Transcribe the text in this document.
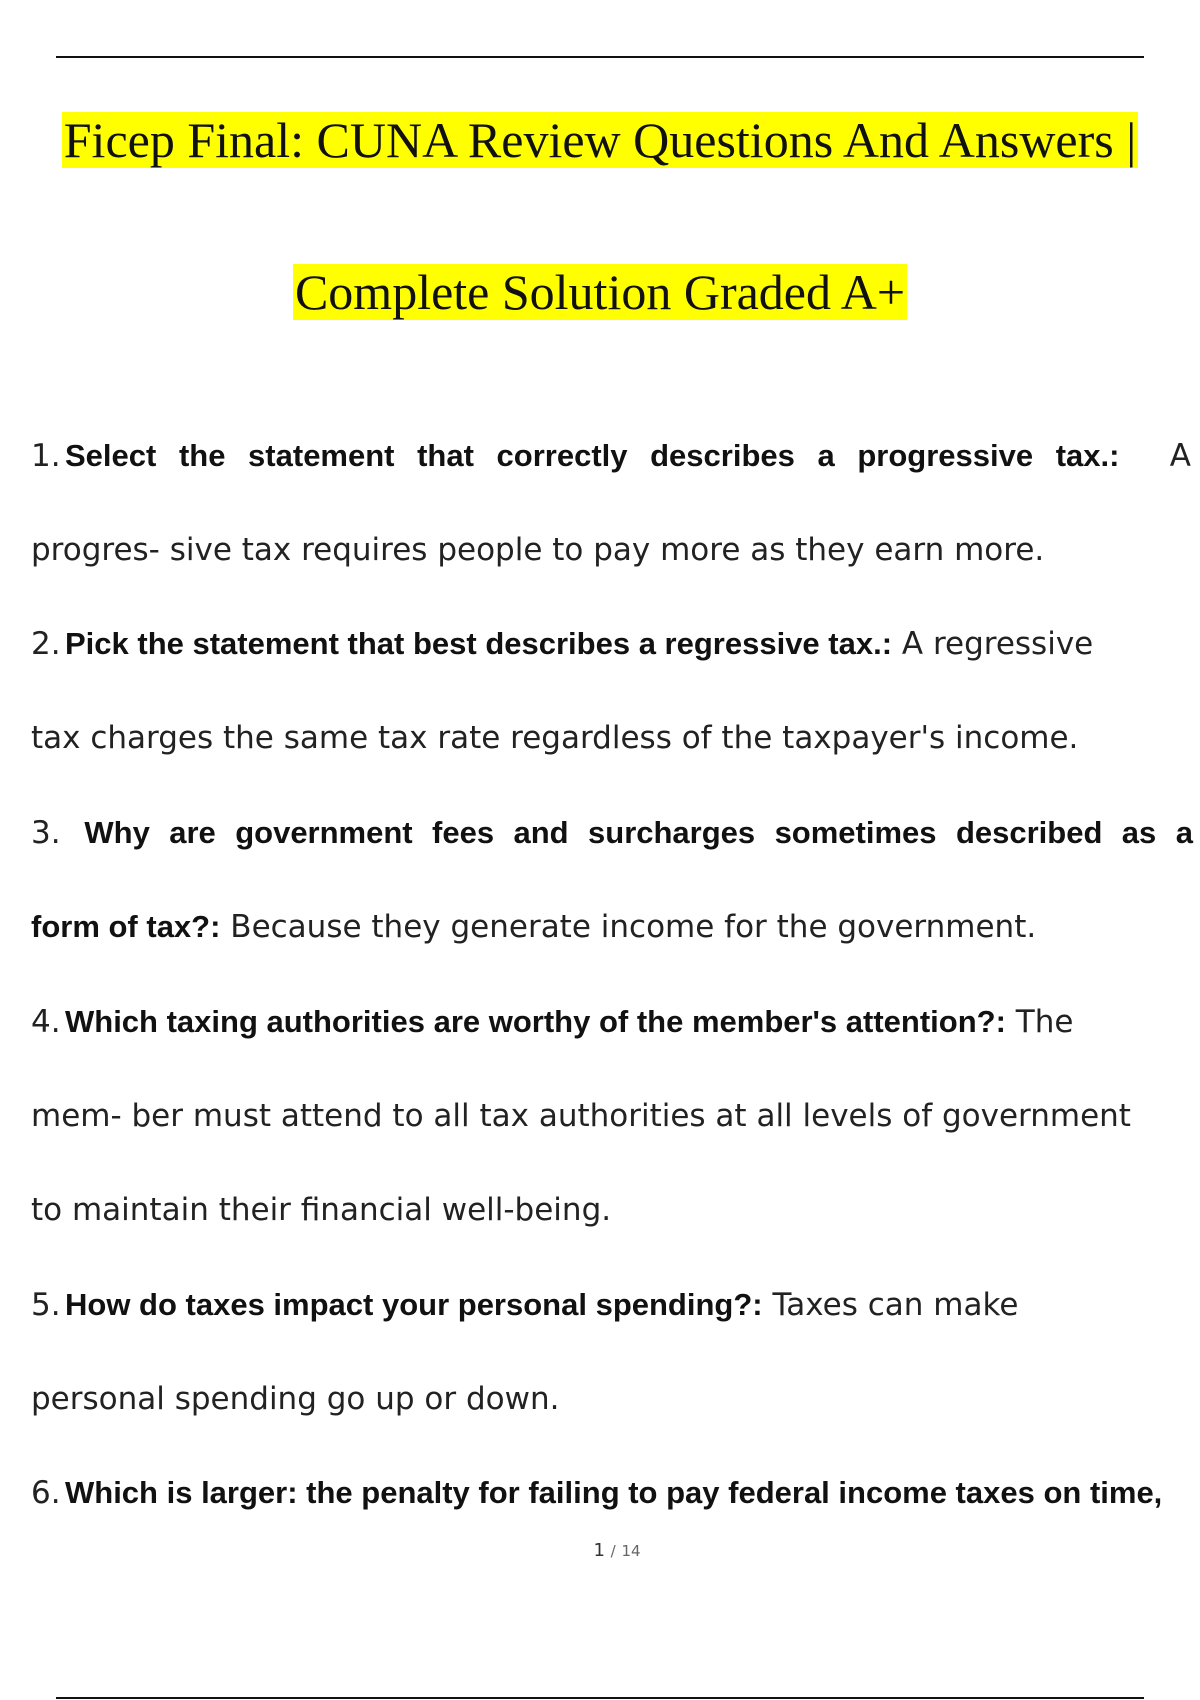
Ficep Final: CUNA Review Questions And Answers |
Complete Solution Graded A+
1. Select the statement that correctly describes a progressive tax.: A
progres- sive tax requires people to pay more as they earn more.
2. Pick the statement that best describes a regressive tax.: A regressive
tax charges the same tax rate regardless of the taxpayer's income.
3. Why are government fees and surcharges sometimes described as a
form of tax?: Because they generate income for the government.
4. Which taxing authorities are worthy of the member's attention?: The
mem- ber must attend to all tax authorities at all levels of government
to maintain their financial well-being.
5. How do taxes impact your personal spending?: Taxes can make
personal spending go up or down.
6. Which is larger: the penalty for failing to pay federal income taxes on time,
1 / 14
